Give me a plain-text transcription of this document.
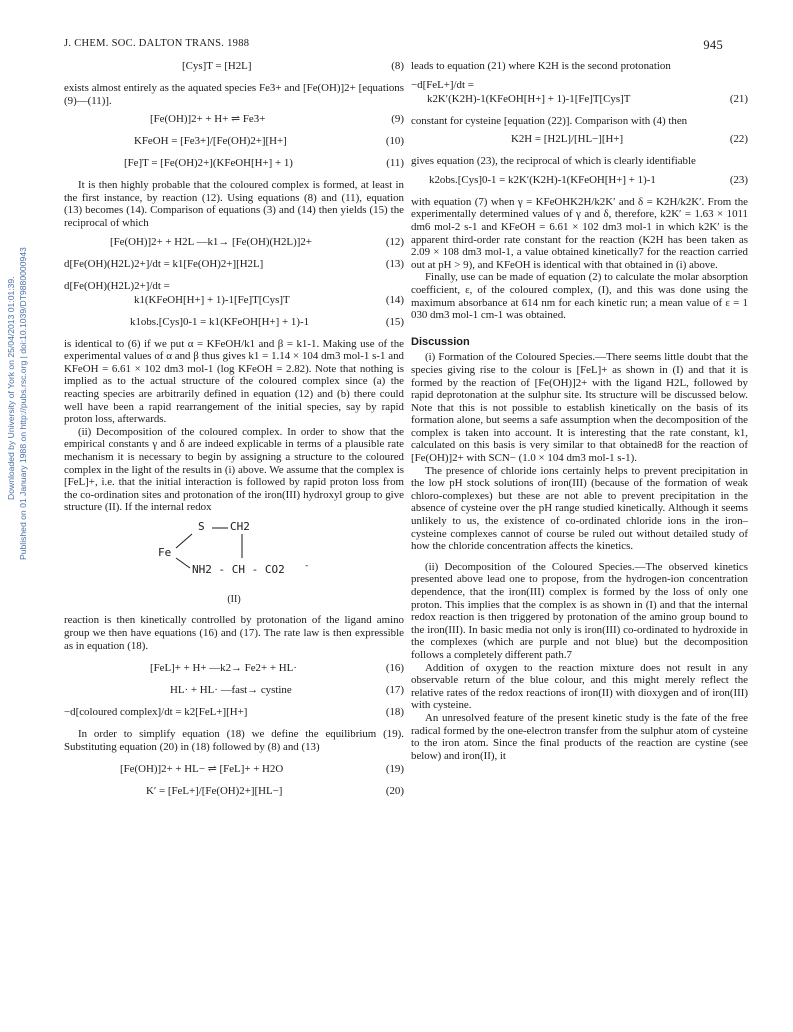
J. CHEM. SOC. DALTON TRANS. 1988	945
Downloaded by University of York on 25/04/2013 01:01:39. Published on 01 January 1988 on http://pubs.rsc.org | doi:10.1039/DT9880000943
[Cys]T = [H2L]	(8)

exists almost entirely as the aquated species Fe3+ and [Fe(OH)]2+ [equations (9)—(11)].

[Fe(OH)]2+ + H+ ⇌ Fe3+	(9)
KFeOH = [Fe3+]/[Fe(OH)2+][H+]	(10)
[Fe]T = [Fe(OH)2+](KFeOH[H+] + 1)	(11)

It is then highly probable that the coloured complex is formed, at least in the first instance, by reaction (12). Using equations (8) and (11), equation (13) becomes (14). Comparison of equations (3) and (14) then yields (15) the reciprocal of which

[Fe(OH)]2+ + H2L —k1→ [Fe(OH)(H2L)]2+	(12)
d[Fe(OH)(H2L)2+]/dt = k1[Fe(OH)2+][H2L]	(13)
d[Fe(OH)(H2L)2+]/dt =
k1(KFeOH[H+] + 1)-1[Fe]T[Cys]T	(14)
k1obs.[Cys]0-1 = k1(KFeOH[H+] + 1)-1	(15)

is identical to (6) if we put α = KFeOH/k1 and β = k1-1. Making use of the experimental values of α and β thus gives k1 = 1.14 × 104 dm3 mol-1 s-1 and KFeOH = 6.61 × 102 dm3 mol-1 (log KFeOH = 2.82). Note that nothing is implied as to the actual structure of the coloured complex since (a) the reacting species are arbitrarily defined in equation (12) and (b) there could well have been a rapid rearrangement of the initial species, say by rapid proton loss, afterwards.

(ii) Decomposition of the coloured complex. In order to show that the empirical constants γ and δ are indeed explicable in terms of a plausible rate mechanism it is necessary to begin by assigning a structure to the coloured complex in the light of the results in (i) above. We assume that the complex is [FeL]+, i.e. that the initial interaction is followed by rapid proton loss from the co-ordination sites and protonation of the iron(III) hydroxyl group to give structure (II). If the internal redox

S CH2
Fe
NH2 - CH - CO2 -
(II)

reaction is then kinetically controlled by protonation of the ligand amino group we then have equations (16) and (17). The rate law is then expressible as in equation (18).

[FeL]+ + H+ —k2→ Fe2+ + HL·	(16)
HL· + HL· —fast→ cystine	(17)
−d[coloured complex]/dt = k2[FeL+][H+]	(18)

In order to simplify equation (18) we define the equilibrium (19). Substituting equation (20) in (18) followed by (8) and (13)

[Fe(OH)]2+ + HL− ⇌ [FeL]+ + H2O	(19)
K′ = [FeL+]/[Fe(OH)2+][HL−]	(20)

leads to equation (21) where K2H is the second protonation

−d[FeL+]/dt =
k2K′(K2H)-1(KFeOH[H+] + 1)-1[Fe]T[Cys]T	(21)

constant for cysteine [equation (22)]. Comparison with (4) then

K2H = [H2L]/[HL−][H+]	(22)

gives equation (23), the reciprocal of which is clearly identifiable

k2obs.[Cys]0-1 = k2K′(K2H)-1(KFeOH[H+] + 1)-1	(23)

with equation (7) when γ = KFeOHK2H/k2K′ and δ = K2H/k2K′. From the experimentally determined values of γ and δ, therefore, k2K′ = 1.63 × 1011 dm6 mol-2 s-1 and KFeOH = 6.61 × 102 dm3 mol-1 in which k2K′ is the apparent third-order rate constant for the reaction (K2H has been taken as 2.09 × 108 dm3 mol-1, a value obtained kinetically7 for the reaction carried out at pH > 9), and KFeOH is identical with that obtained in (i) above.

Finally, use can be made of equation (2) to calculate the molar absorption coefficient, ε, of the coloured complex, (I), and this was done using the maximum absorbance at 614 nm for each kinetic run; a mean value of ε = 1 030 dm3 mol-1 cm-1 was obtained.

Discussion

(i) Formation of the Coloured Species.—There seems little doubt that the species giving rise to the colour is [FeL]+ as shown in (I) and that it is formed by the reaction of [Fe(OH)]2+ with the ligand H2L, followed by rapid deprotonation at the sulphur site. Its structure will be discussed below. Note that this is not possible to establish kinetically on the basis of its formation alone, but seems a safe assumption when the decomposition of the complex is taken into account. It is interesting that the rate constant, k1, calculated on this basis is very similar to that obtained8 for the reaction of [Fe(OH)]2+ with SCN− (1.0 × 104 dm3 mol-1 s-1).

The presence of chloride ions certainly helps to prevent precipitation in the low pH stock solutions of iron(III) (because of the formation of weak chloro-complexes) but these are not able to prevent precipitation in the absence of cysteine over the pH range studied kinetically. Although it seems unlikely to us, the existence of co-ordinated chloride ions in the iron–cysteine complexes cannot of course be ruled out without detailed study of how the chloride concentration affects the kinetics.

(ii) Decomposition of the Coloured Species.—The observed kinetics presented above lead one to propose, from the hydrogen-ion concentration dependence, that the iron(III) complex is formed by the loss of only one proton. This implies that the complex is as shown in (I) and that the internal redox reaction is then triggered by protonation of the amino group bound to the iron(III). In basic media not only is iron(III) co-ordinated to hydroxide in the complexes (which are purple and not blue) but the decomposition follows a completely different path.7

Addition of oxygen to the reaction mixture does not result in any observable return of the blue colour, and this might merely reflect the relative rates of the redox reactions of iron(II) with dioxygen and of iron(III) with cysteine.

An unresolved feature of the present kinetic study is the fate of the free radical formed by the one-electron transfer from the sulphur atom of cysteine to the iron atom. Since the final products of the reaction are cystine (see below) and iron(II), it
